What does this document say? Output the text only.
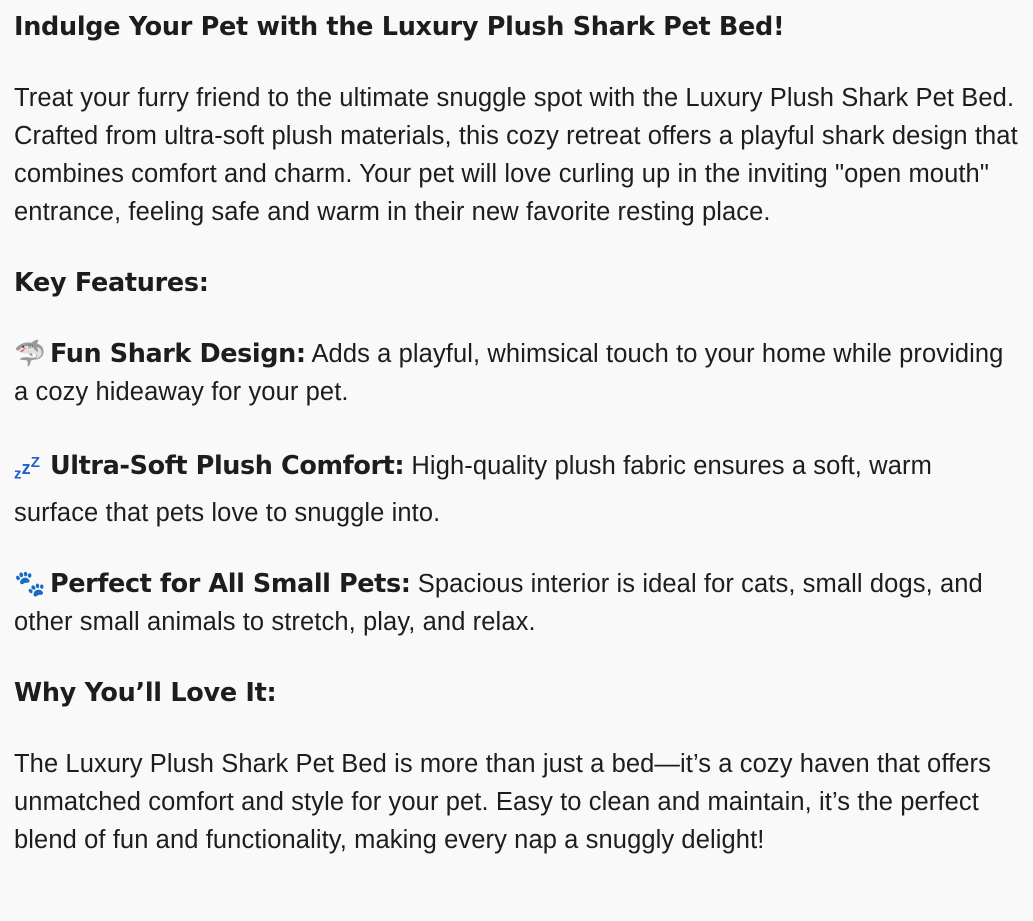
Indulge Your Pet with the Luxury Plush Shark Pet Bed!

Treat your furry friend to the ultimate snuggle spot with the Luxury Plush Shark Pet Bed. Crafted from ultra-soft plush materials, this cozy retreat offers a playful shark design that combines comfort and charm. Your pet will love curling up in the inviting "open mouth" entrance, feeling safe and warm in their new favorite resting place.

Key Features:

🦈 Fun Shark Design: Adds a playful, whimsical touch to your home while providing a cozy hideaway for your pet.

$_zz^Z$ Ultra-Soft Plush Comfort: High-quality plush fabric ensures a soft, warm surface that pets love to snuggle into.

🐾 Perfect for All Small Pets: Spacious interior is ideal for cats, small dogs, and other small animals to stretch, play, and relax.

Why You’ll Love It:

The Luxury Plush Shark Pet Bed is more than just a bed—it’s a cozy haven that offers unmatched comfort and style for your pet. Easy to clean and maintain, it’s the perfect blend of fun and functionality, making every nap a snuggly delight!
